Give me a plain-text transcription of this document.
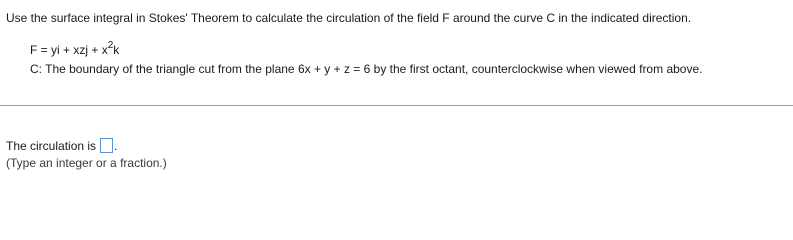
Use the surface integral in Stokes' Theorem to calculate the circulation of the field F around the curve C in the indicated direction.
F = yi + xzj + $x^2k$
C: The boundary of the triangle cut from the plane 6x + y + z = 6 by the first octant, counterclockwise when viewed from above.
The circulation is .
(Type an integer or a fraction.)
